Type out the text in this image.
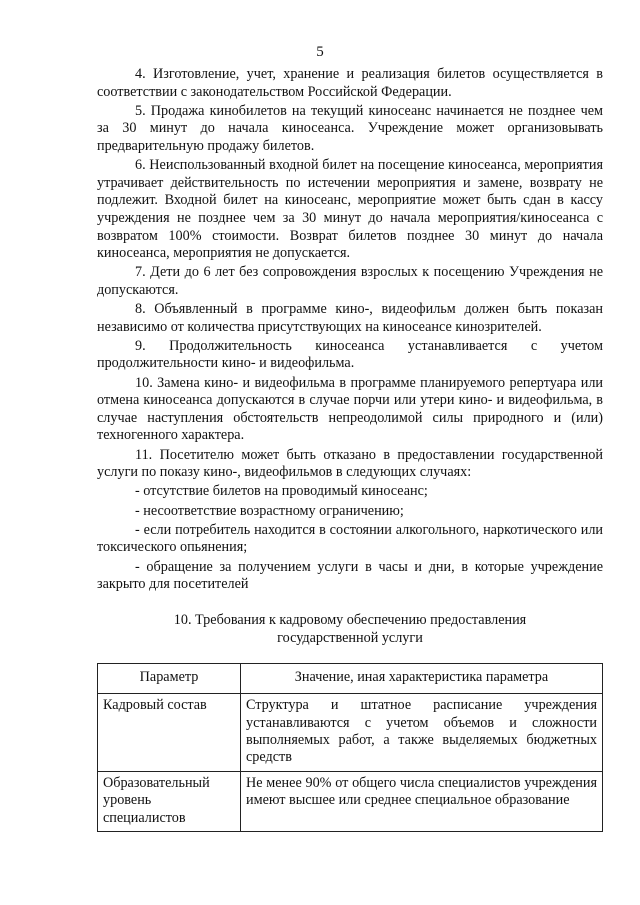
5

4. Изготовление, учет, хранение и реализация билетов осуществляется в соответствии с законодательством Российской Федерации.

5. Продажа кинобилетов на текущий киносеанс начинается не позднее чем за 30 минут до начала киносеанса. Учреждение может организовывать предварительную продажу билетов.

6. Неиспользованный входной билет на посещение киносеанса, мероприятия утрачивает действительность по истечении мероприятия и замене, возврату не подлежит. Входной билет на киносеанс, мероприятие может быть сдан в кассу учреждения не позднее чем за 30 минут до начала мероприятия/киносеанса с возвратом 100% стоимости. Возврат билетов позднее 30 минут до начала киносеанса, мероприятия не допускается.

7. Дети до 6 лет без сопровождения взрослых к посещению Учреждения не допускаются.

8. Объявленный в программе кино-, видеофильм должен быть показан независимо от количества присутствующих на киносеансе кинозрителей.

9. Продолжительность киносеанса устанавливается с учетом продолжительности кино- и видеофильма.

10. Замена кино- и видеофильма в программе планируемого репертуара или отмена киносеанса допускаются в случае порчи или утери кино- и видеофильма, в случае наступления обстоятельств непреодолимой силы природного и (или) техногенного характера.

11. Посетителю может быть отказано в предоставлении государственной услуги по показу кино-, видеофильмов в следующих случаях:

- отсутствие билетов на проводимый киносеанс;

- несоответствие возрастному ограничению;

- если потребитель находится в состоянии алкогольного, наркотического или токсического опьянения;

- обращение за получением услуги в часы и дни, в которые учреждение закрыто для посетителей

10. Требования к кадровому обеспечению предоставления государственной услуги
Параметр	Значение, иная характеристика параметра
Кадровый состав	Структура и штатное расписание учреждения устанавливаются с учетом объемов и сложности выполняемых работ, а также выделяемых бюджетных средств
Образовательный уровень специалистов	Не менее 90% от общего числа специалистов учреждения имеют высшее или среднее специальное образование
